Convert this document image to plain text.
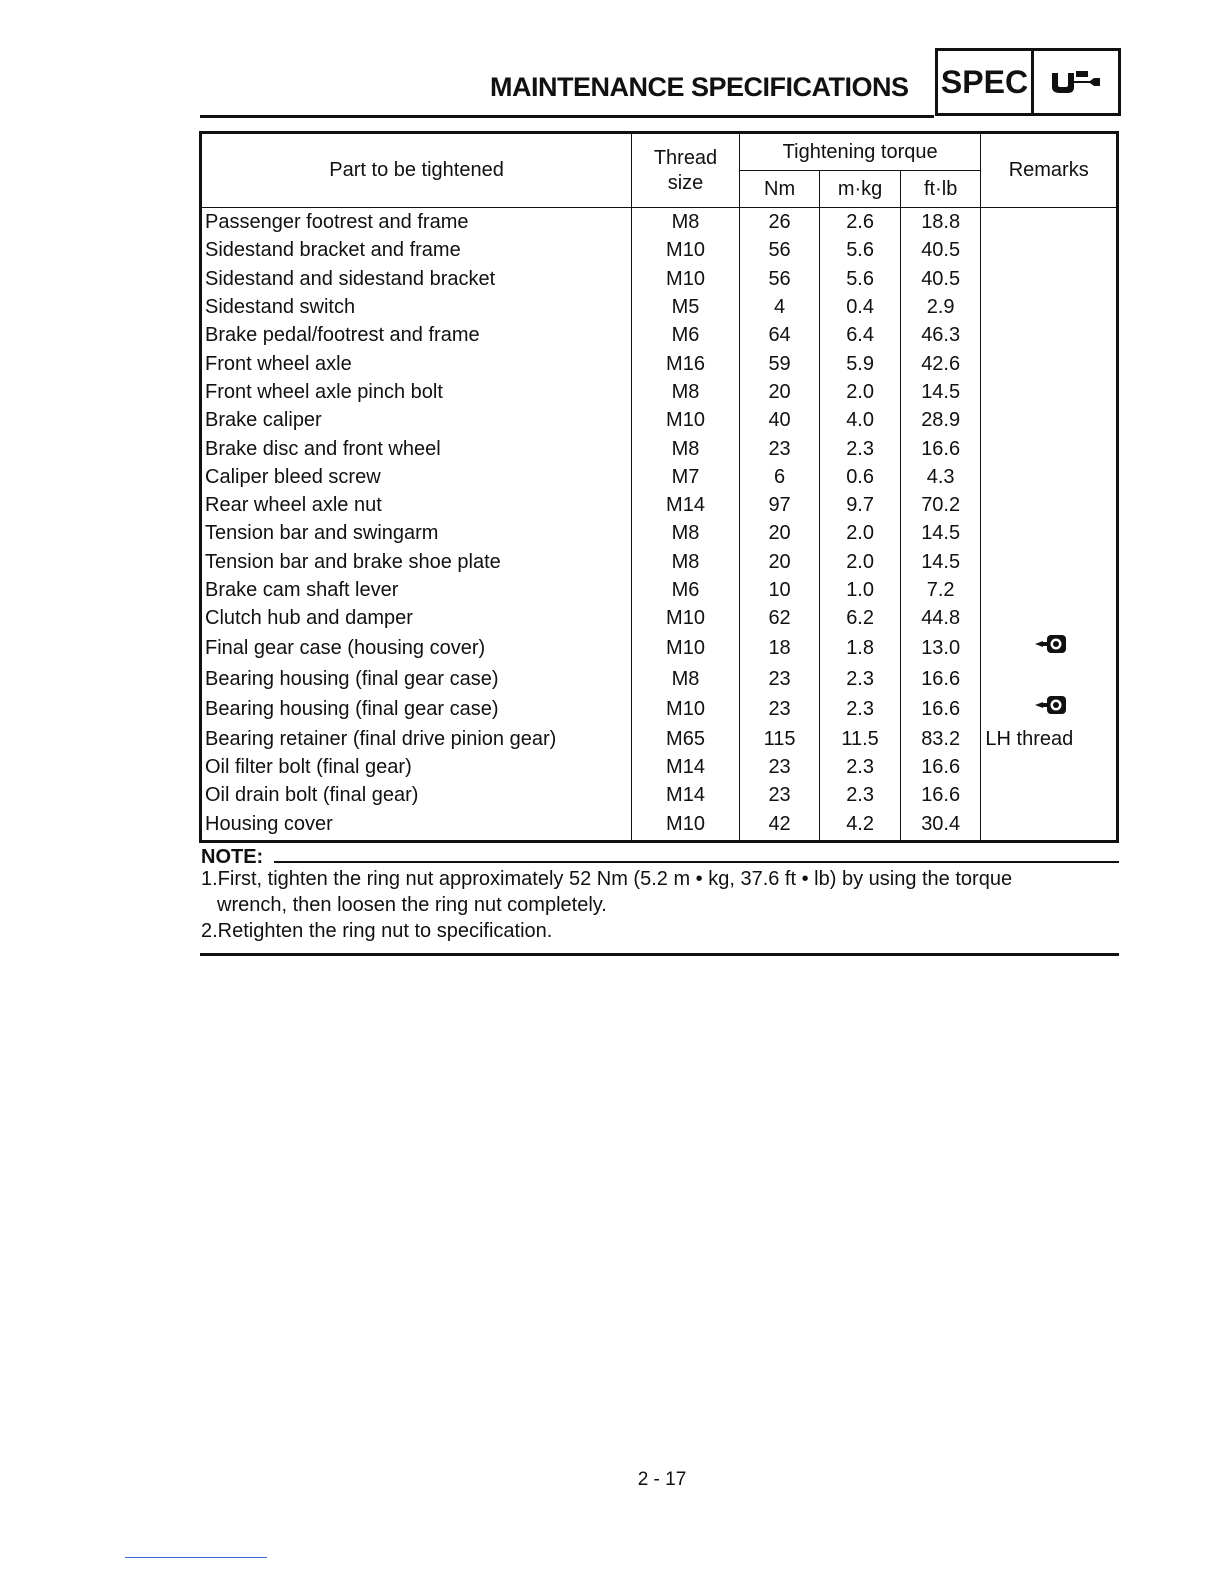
MAINTENANCE SPECIFICATIONS SPEC
Part to be tightened	Thread size	Tightening torque			Remarks
		Nm	m·kg	ft·lb	
Passenger footrest and frame	M8	26	2.6	18.8	
Sidestand bracket and frame	M10	56	5.6	40.5	
Sidestand and sidestand bracket	M10	56	5.6	40.5	
Sidestand switch	M5	4	0.4	2.9	
Brake pedal/footrest and frame	M6	64	6.4	46.3	
Front wheel axle	M16	59	5.9	42.6	
Front wheel axle pinch bolt	M8	20	2.0	14.5	
Brake caliper	M10	40	4.0	28.9	
Brake disc and front wheel	M8	23	2.3	16.6	
Caliper bleed screw	M7	6	0.6	4.3	
Rear wheel axle nut	M14	97	9.7	70.2	
Tension bar and swingarm	M8	20	2.0	14.5	
Tension bar and brake shoe plate	M8	20	2.0	14.5	
Brake cam shaft lever	M6	10	1.0	7.2	
Clutch hub and damper	M10	62	6.2	44.8	
Final gear case (housing cover)	M10	18	1.8	13.0	
Bearing housing (final gear case)	M8	23	2.3	16.6	
Bearing housing (final gear case)	M10	23	2.3	16.6	
Bearing retainer (final drive pinion gear)	M65	115	11.5	83.2	LH thread
Oil filter bolt (final gear)	M14	23	2.3	16.6	
Oil drain bolt (final gear)	M14	23	2.3	16.6	
Housing cover	M10	42	4.2	30.4	
NOTE:

1.First, tighten the ring nut approximately 52 Nm (5.2 m • kg, 37.6 ft • lb) by using the torque
wrench, then loosen the ring nut completely.

2.Retighten the ring nut to specification.

2 - 17
